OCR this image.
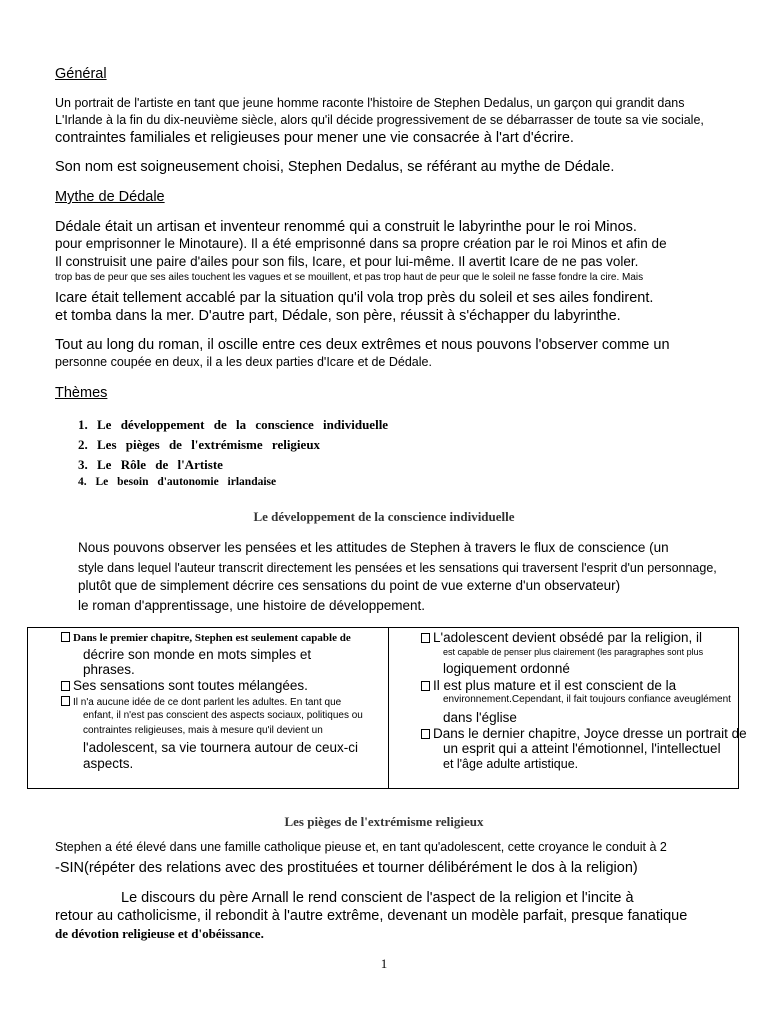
Général
Un portrait de l'artiste en tant que jeune homme raconte l'histoire de Stephen Dedalus, un garçon qui grandit dans
L'Irlande à la fin du dix-neuvième siècle, alors qu'il décide progressivement de se débarrasser de toute sa vie sociale,
contraintes familiales et religieuses pour mener une vie consacrée à l'art d'écrire.
Son nom est soigneusement choisi, Stephen Dedalus, se référant au mythe de Dédale.
Mythe de Dédale
Dédale était un artisan et inventeur renommé qui a construit le labyrinthe pour le roi Minos.
pour emprisonner le Minotaure). Il a été emprisonné dans sa propre création par le roi Minos et afin de
Il construisit une paire d'ailes pour son fils, Icare, et pour lui-même. Il avertit Icare de ne pas voler.
trop bas de peur que ses ailes touchent les vagues et se mouillent, et pas trop haut de peur que le soleil ne fasse fondre la cire. Mais
Icare était tellement accablé par la situation qu'il vola trop près du soleil et ses ailes fondirent.
et tomba dans la mer. D'autre part, Dédale, son père, réussit à s'échapper du labyrinthe.
Tout au long du roman, il oscille entre ces deux extrêmes et nous pouvons l'observer comme un
personne coupée en deux, il a les deux parties d'Icare et de Dédale.
Thèmes
1. Le développement de la conscience individuelle
2. Les pièges de l'extrémisme religieux
3. Le Rôle de l'Artiste
4. Le besoin d'autonomie irlandaise
Le développement de la conscience individuelle
Nous pouvons observer les pensées et les attitudes de Stephen à travers le flux de conscience (un
style dans lequel l'auteur transcrit directement les pensées et les sensations qui traversent l'esprit d'un personnage,
plutôt que de simplement décrire ces sensations du point de vue externe d'un observateur)
le roman d'apprentissage, une histoire de développement.
Dans le premier chapitre, Stephen est seulement capable de
décrire son monde en mots simples et
phrases.
Ses sensations sont toutes mélangées.
Il n'a aucune idée de ce dont parlent les adultes. En tant que
enfant, il n'est pas conscient des aspects sociaux, politiques ou
contraintes religieuses, mais à mesure qu'il devient un
l'adolescent, sa vie tournera autour de ceux-ci
aspects.
L'adolescent devient obsédé par la religion, il
est capable de penser plus clairement (les paragraphes sont plus
logiquement ordonné
Il est plus mature et il est conscient de la
environnement.Cependant, il fait toujours confiance aveuglément
dans l'église
Dans le dernier chapitre, Joyce dresse un portrait de
un esprit qui a atteint l'émotionnel, l'intellectuel
et l'âge adulte artistique.
Les pièges de l'extrémisme religieux
Stephen a été élevé dans une famille catholique pieuse et, en tant qu'adolescent, cette croyance le conduit à 2
-SIN(répéter des relations avec des prostituées et tourner délibérément le dos à la religion)
Le discours du père Arnall le rend conscient de l'aspect de la religion et l'incite à
retour au catholicisme, il rebondit à l'autre extrême, devenant un modèle parfait, presque fanatique
de dévotion religieuse et d'obéissance.
1
